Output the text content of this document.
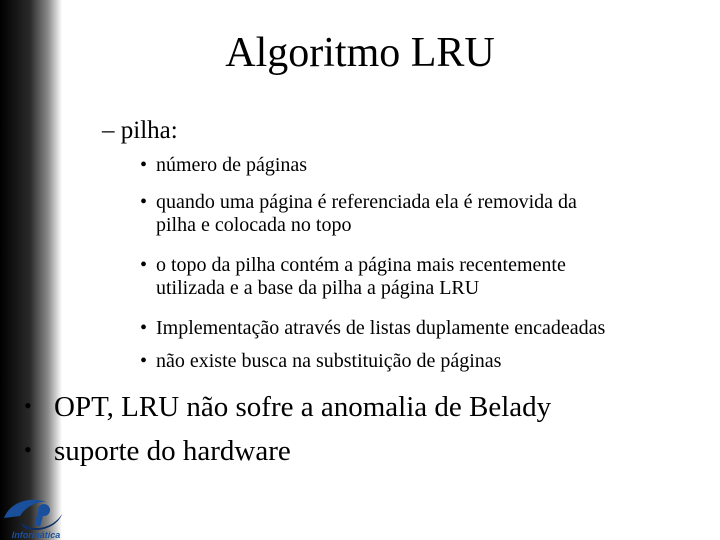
Algoritmo LRU
– pilha:
• número de páginas
• quando uma página é referenciada ela é removida da
pilha e colocada no topo
• o topo da pilha contém a página mais recentemente
utilizada e a base da pilha a página LRU
• Implementação através de listas duplamente encadeadas
• não existe busca na substituição de páginas
• OPT, LRU não sofre a anomalia de Belady
• suporte do hardware
Informática
